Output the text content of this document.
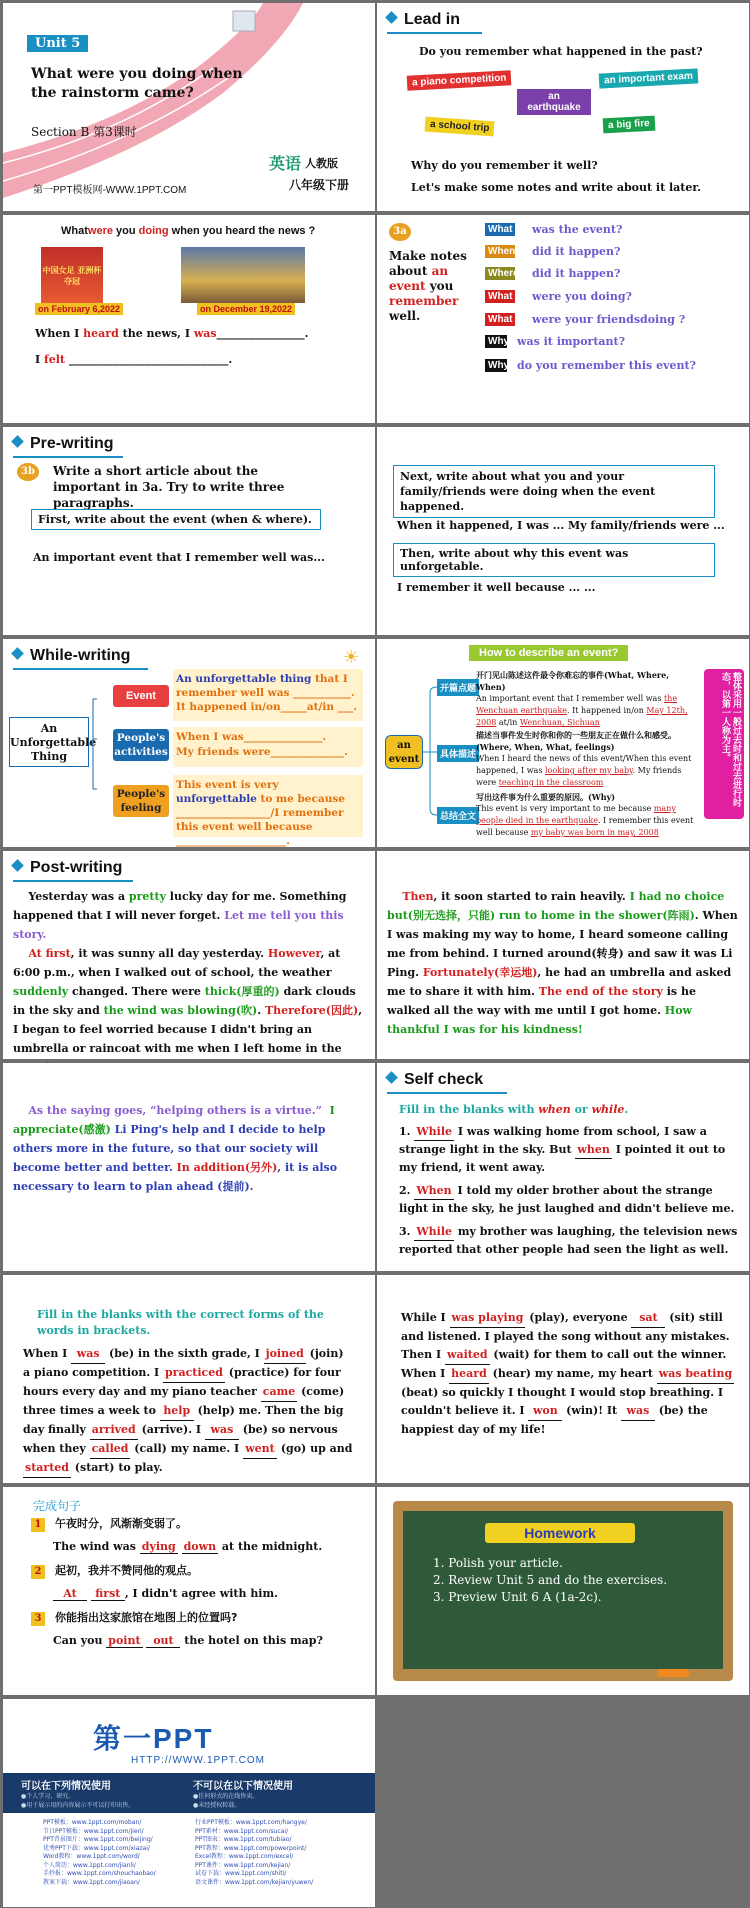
Unit 5
What were you doing when the rainstorm came?
Section B 第3课时
英语 人教版
八年级下册
第一PPT模板网-WWW.1PPT.COM
Lead in
Do you remember what happened in the past?
a piano competition
an earthquake
an important exam
a school trip	a big fire
Why do you remember it well?
Let's make some notes and write about it later.
Whatwere you doing when you heard the news ?
中国女足 亚洲杯夺冠
on February 6,2022	on December 19,2022
When I heard the news, I was________________.
I felt _____________________________.
3a
Make notes about an event you remember well.
What was the event?
When did it happen?
Where did it happen?
What were you doing?
What were your friendsdoing ?
Why was it important?
Why do you remember this event?
Pre-writing
3b	Write a short article about the important in 3a. Try to write three paragraphs.
First, write about the event (when & where).
An important event that I remember well was...
Next, write about what you and your family/friends were doing when the event happened.
When it happened, I was ... My family/friends were ...
Then, write about why this event was unforgetable.
I remember it well because ... ...
While-writing	☀
An Unforgettable Thing
Event
An unforgettable thing that I remember well was ___________.
It happened in/on_____at/in ___.
People's activities
When I was_______________.
My friends were______________.
People's feeling
This event is very unforgettable to me because __________________/I remember this event well because _____________________.
How to describe an event?
an event
开篇点题
具体描述
总结全文
开门见山陈述这件最令你难忘的事件(What, Where, When)
An important event that I remember well was the Wenchuan earthquake. It happened in/on May 12th, 2008 at/in Wenchuan, Sichuan
描述当事件发生时你和你的一些朋友正在做什么和感受。(Where, When, What, feelings)
When I heard the news of this event/When this event happened, I was looking after my baby. My friends were teaching in the classroom
写出这件事为什么重要的原因。(Why)
This event is very important to me because many people died in the earthquake. I remember this event well because my baby was born in may, 2008
整体采用一般过去时和过去进行时态，以第一人称为主。
Post-writing
Yesterday was a pretty lucky day for me. Something happened that I will never forget. Let me tell you this story.
At first, it was sunny all day yesterday. However, at 6:00 p.m., when I walked out of school, the weather suddenly changed. There were thick(厚重的) dark clouds in the sky and the wind was blowing(吹). Therefore(因此), I began to feel worried because I didn't bring an umbrella or raincoat with me when I left home in the
Then, it soon started to rain heavily. I had no choice but(别无选择，只能) run to home in the shower(阵雨). When I was making my way to home, I heard someone calling me from behind. I turned around(转身) and saw it was Li Ping. Fortunately(幸运地), he had an umbrella and asked me to share it with him. The end of the story is he walked all the way with me until I got home. How thankful I was for his kindness!
As the saying goes, “helping others is a virtue.”  I appreciate(感激) Li Ping's help and I decide to help others more in the future, so that our society will become better and better. In addition(另外), it is also necessary to learn to plan ahead (提前).
Self check
Fill in the blanks with when or while.
1. While I was walking home from school, I saw a strange light in the sky. But when I pointed it out to my friend, it went away.
2. When I told my older brother about the strange light in the sky, he just laughed and didn't believe me.
3. While my brother was laughing, the television news reported that other people had seen the light as well.
Fill in the blanks with the correct forms of the words in brackets.
When I was (be) in the sixth grade, I joined (join) a piano competition. I practiced (practice) for four hours every day and my piano teacher came (come) three times a week to help (help) me. Then the big day finally arrived (arrive). I was (be) so nervous when they called (call) my name. I went (go) up and started (start) to play.
While I was playing (play), everyone sat (sit) still and listened. I played the song without any mistakes. Then I waited (wait) for them to call out the winner. When I heard (hear) my name, my heart was beating (beat) so quickly I thought I would stop breathing. I couldn't believe it. I won (win)! It was (be) the happiest day of my life!
完成句子
1 午夜时分，风渐渐变弱了。
The wind was dying down at the midnight.
2 起初，我并不赞同他的观点。
At first , I didn't agree with him.
3 你能指出这家旅馆在地图上的位置吗?
Can you point out the hotel on this map?
Homework
1. Polish your article.
2. Review Unit 5 and do the exercises.
3. Preview Unit 6 A (1a-2c).
第一PPT
HTTP://WWW.1PPT.COM
可以在下列情况使用
●个人学习、研究。
●用于展示用的内容展示不可以打印出售。
不可以在以下情况使用
●任何形式的在线售卖。
●未经授权转载。
PPT模板：www.1ppt.com/moban/
节日PPT模板：www.1ppt.com/jieri/
PPT背景图片：www.1ppt.com/beijing/
优秀PPT下载：www.1ppt.com/xiazai/
Word教程：www.1ppt.com/word/
个人简历：www.1ppt.com/jianli/
手抄报：www.1ppt.com/shouchaobao/
教案下载：www.1ppt.com/jiaoan/
行业PPT模板：www.1ppt.com/hangye/
PPT素材：www.1ppt.com/sucai/
PPT图表：www.1ppt.com/tubiao/
PPT教程：www.1ppt.com/powerpoint/
Excel教程：www.1ppt.com/excel/
PPT课件：www.1ppt.com/kejian/
试卷下载：www.1ppt.com/shiti/
语文课件：www.1ppt.com/kejian/yuwen/
